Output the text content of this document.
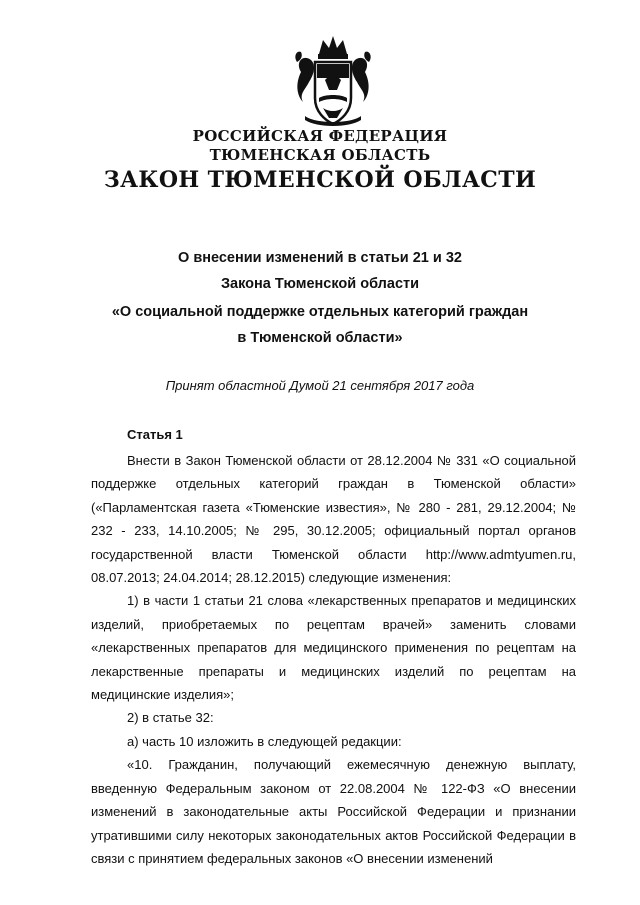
РОССИЙСКАЯ ФЕДЕРАЦИЯ
ТЮМЕНСКАЯ ОБЛАСТЬ
ЗАКОН ТЮМЕНСКОЙ ОБЛАСТИ
О внесении изменений в статьи 21 и 32
Закона Тюменской области
«О социальной поддержке отдельных категорий граждан
в Тюменской области»
Принят областной Думой 21 сентября 2017 года
Статья 1

Внести в Закон Тюменской области от 28.12.2004 № 331 «О социальной поддержке отдельных категорий граждан в Тюменской области» («Парламентская газета «Тюменские известия», № 280 - 281, 29.12.2004; № 232 - 233, 14.10.2005; № 295, 30.12.2005; официальный портал органов государственной власти Тюменской области http://www.admtyumen.ru, 08.07.2013; 24.04.2014; 28.12.2015) следующие изменения:

1) в части 1 статьи 21 слова «лекарственных препаратов и медицинских изделий, приобретаемых по рецептам врачей» заменить словами «лекарственных препаратов для медицинского применения по рецептам на лекарственные препараты и медицинских изделий по рецептам на медицинские изделия»;

2) в статье 32:

а) часть 10 изложить в следующей редакции:

«10. Гражданин, получающий ежемесячную денежную выплату, введенную Федеральным законом от 22.08.2004 № 122-ФЗ «О внесении изменений в законодательные акты Российской Федерации и признании утратившими силу некоторых законодательных актов Российской Федерации в связи с принятием федеральных законов «О внесении изменений
